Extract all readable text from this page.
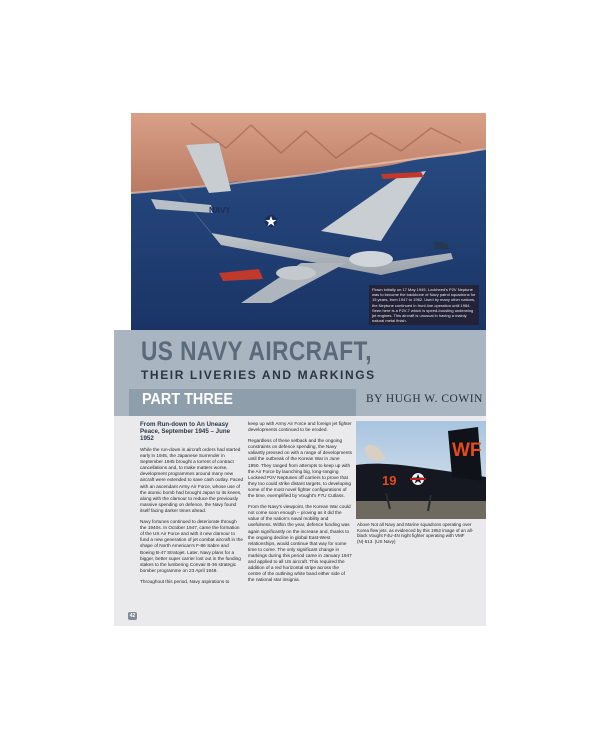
NAVY
Flown initially on 17 May 1945, Lockheed's P2V Neptune was to become the backbone of Navy patrol squadrons for 15 years, from 1947 to 1962. Used by many other nations, the Neptune continued in front-line operation until 1984. Seen here is a P2V-7 which is speed-boosting underwing jet engines. This aircraft is unusual in having a mainly natural metal finish.
US NAVY AIRCRAFT,
THEIR LIVERIES AND MARKINGS
PART THREE	BY HUGH W. COWIN

From Run-down to An Uneasy Peace, September 1945 – June 1952

While the run-down in aircraft orders had started early in 1945, the Japanese Surrender in September 1945 brought a torrent of contract cancellations and, to make matters worse, development programmes around many new aircraft were extended to save cash outlay. Faced with an ascendant Army Air Force, whose use of the atomic bomb had brought Japan to its knees, along with the clamour to reduce the previously massive spending on defence, the Navy found itself facing darker times ahead.

Navy fortunes continued to deteriorate through the 1940s. In October 1947, came the formation of the US Air Force and with it new clamour to fund a new generation of jet combat aircraft in the shape of North American's F-86 Sabre and Boeing B-47 Stratojet. Later, Navy plans for a bigger, better super carrier lost out in the funding stakes to the lumbering Convair B-36 strategic bomber programme on 23 April 1949.

Throughout this period, Navy aspirations to

keep up with Army Air Force and foreign jet fighter developments continued to be eroded.

Regardless of these setback and the ongoing constraints on defence spending, the Navy valiantly pressed on with a range of developments until the outbreak of the Korean War in June 1950. They ranged from attempts to keep up with the Air Force by launching big, long-ranging Lockeed P2V Neptunes off carriers to prove that they too could strike distant targets, to developing some of the most novel fighter configurations of the time, exemplified by Vought's F7U Cutlass.

From the Navy's viewpoint, the Korean War could not come soon enough – proving as it did the value of the nation's naval mobility and usefulness. Within the year, defence funding was again significantly on the increase and, thanks to the ongoing decline in global East-West relationships, would continue that way for some time to come. The only significant change in markings during this period came in January 1947 and applied to all US aircraft. This required the addition of a red horizontal stripe across the centre of the outlining white band either side of the national star insignia.

WF
19
Above Not all Navy and Marine squadrons operating over Korea flew jets, as evidenced by this 1952 image of an all-black Vought F4U-4N night fighter operating with VMF (N)-513. (US Navy)
42
